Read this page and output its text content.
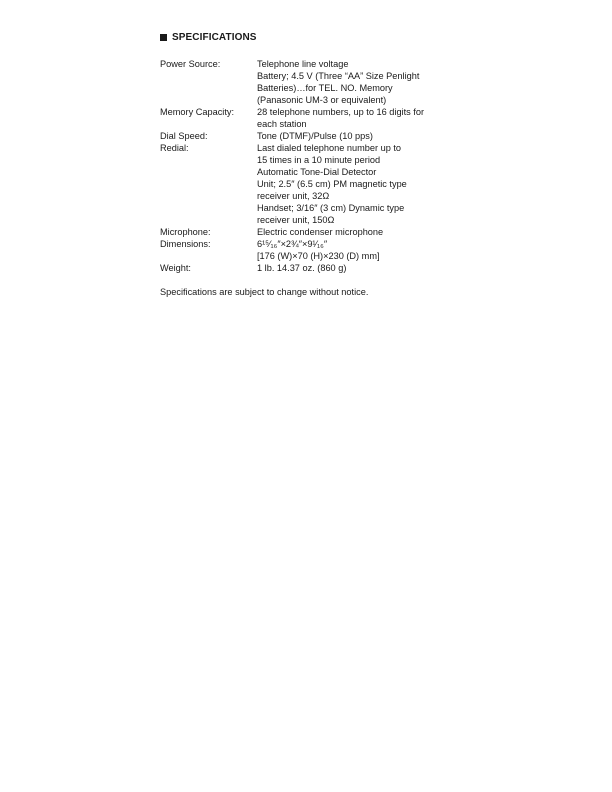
SPECIFICATIONS
Power Source:	Telephone line voltage
Battery; 4.5 V (Three “AA” Size Penlight
Batteries)…for TEL. NO. Memory
(Panasonic UM-3 or equivalent)
Memory Capacity:	28 telephone numbers, up to 16 digits for
each station
Dial Speed:	Tone (DTMF)/Pulse (10 pps)
Redial:	Last dialed telephone number up to
15 times in a 10 minute period
Automatic Tone-Dial Detector
Unit; 2.5″ (6.5 cm) PM magnetic type
receiver unit, 32Ω
Handset; 3/16″ (3 cm) Dynamic type
receiver unit, 150Ω
Microphone:	Electric condenser microphone
Dimensions:	6¹⁵⁄₁₆″×2¾″×9¹⁄₁₆″
[176 (W)×70 (H)×230 (D) mm]
Weight:	1 lb. 14.37 oz. (860 g)
Specifications are subject to change without notice.
